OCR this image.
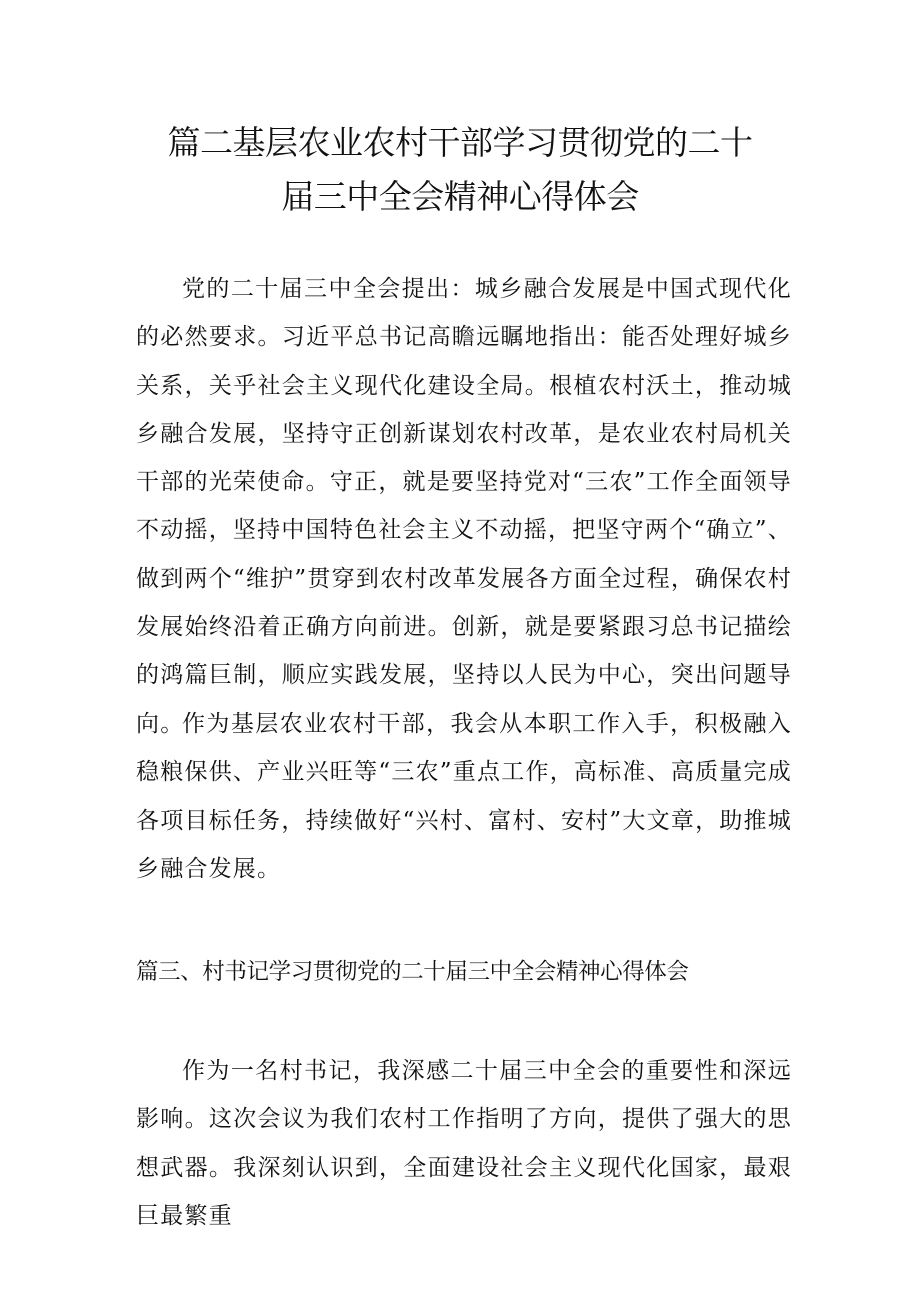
篇二基层农业农村干部学习贯彻党的二十
届三中全会精神心得体会

党的二十届三中全会提出：城乡融合发展是中国式现代化的必然要求。习近平总书记高瞻远瞩地指出：能否处理好城乡关系，关乎社会主义现代化建设全局。根植农村沃土，推动城乡融合发展，坚持守正创新谋划农村改革，是农业农村局机关干部的光荣使命。守正，就是要坚持党对“三农”工作全面领导不动摇，坚持中国特色社会主义不动摇，把坚守两个“确立”、做到两个“维护”贯穿到农村改革发展各方面全过程，确保农村发展始终沿着正确方向前进。创新，就是要紧跟习总书记描绘的鸿篇巨制，顺应实践发展，坚持以人民为中心，突出问题导向。

作为基层农业农村干部，我会从本职工作入手，积极融入稳粮保供、产业兴旺等“三农”重点工作，高标准、高质量完成各项目标任务，持续做好“兴村、富村、安村”大文章，助推城乡融合发展。

篇三、村书记学习贯彻党的二十届三中全会精神心得体会

作为一名村书记，我深感二十届三中全会的重要性和深远影响。这次会议为我们农村工作指明了方向，提供了强大的思想武器。我深刻认识到，全面建设社会主义现代化国家，最艰巨最繁重
